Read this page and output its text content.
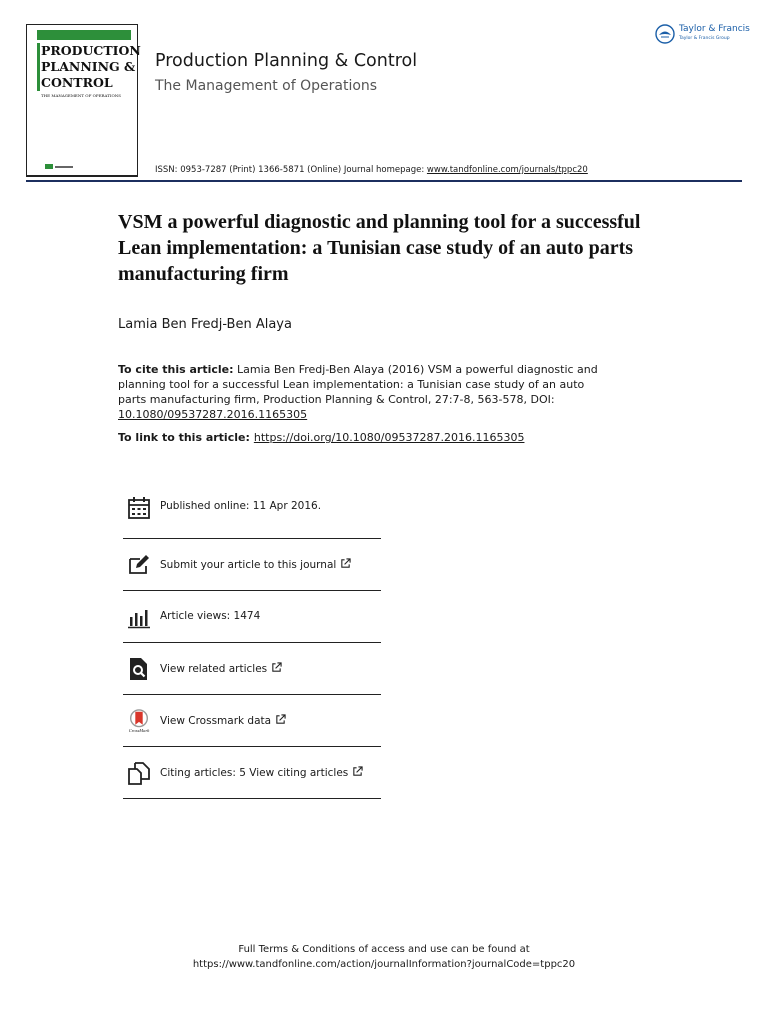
PRODUCTION
PLANNING &
CONTROL
THE MANAGEMENT OF OPERATIONS
Production Planning & Control
The Management of Operations
ISSN: 0953-7287 (Print) 1366-5871 (Online) Journal homepage: www.tandfonline.com/journals/tppc20
Taylor & Francis
Taylor & Francis Group
VSM a powerful diagnostic and planning tool for a successful Lean implementation: a Tunisian case study of an auto parts manufacturing firm
Lamia Ben Fredj-Ben Alaya
To cite this article: Lamia Ben Fredj-Ben Alaya (2016) VSM a powerful diagnostic and planning tool for a successful Lean implementation: a Tunisian case study of an auto parts manufacturing firm, Production Planning & Control, 27:7-8, 563-578, DOI: 10.1080/09537287.2016.1165305
To link to this article: https://doi.org/10.1080/09537287.2016.1165305
Published online: 11 Apr 2016.
Submit your article to this journal
Article views: 1474
View related articles
CrossMark
View Crossmark data
Citing articles: 5 View citing articles
Full Terms & Conditions of access and use can be found at
https://www.tandfonline.com/action/journalInformation?journalCode=tppc20
